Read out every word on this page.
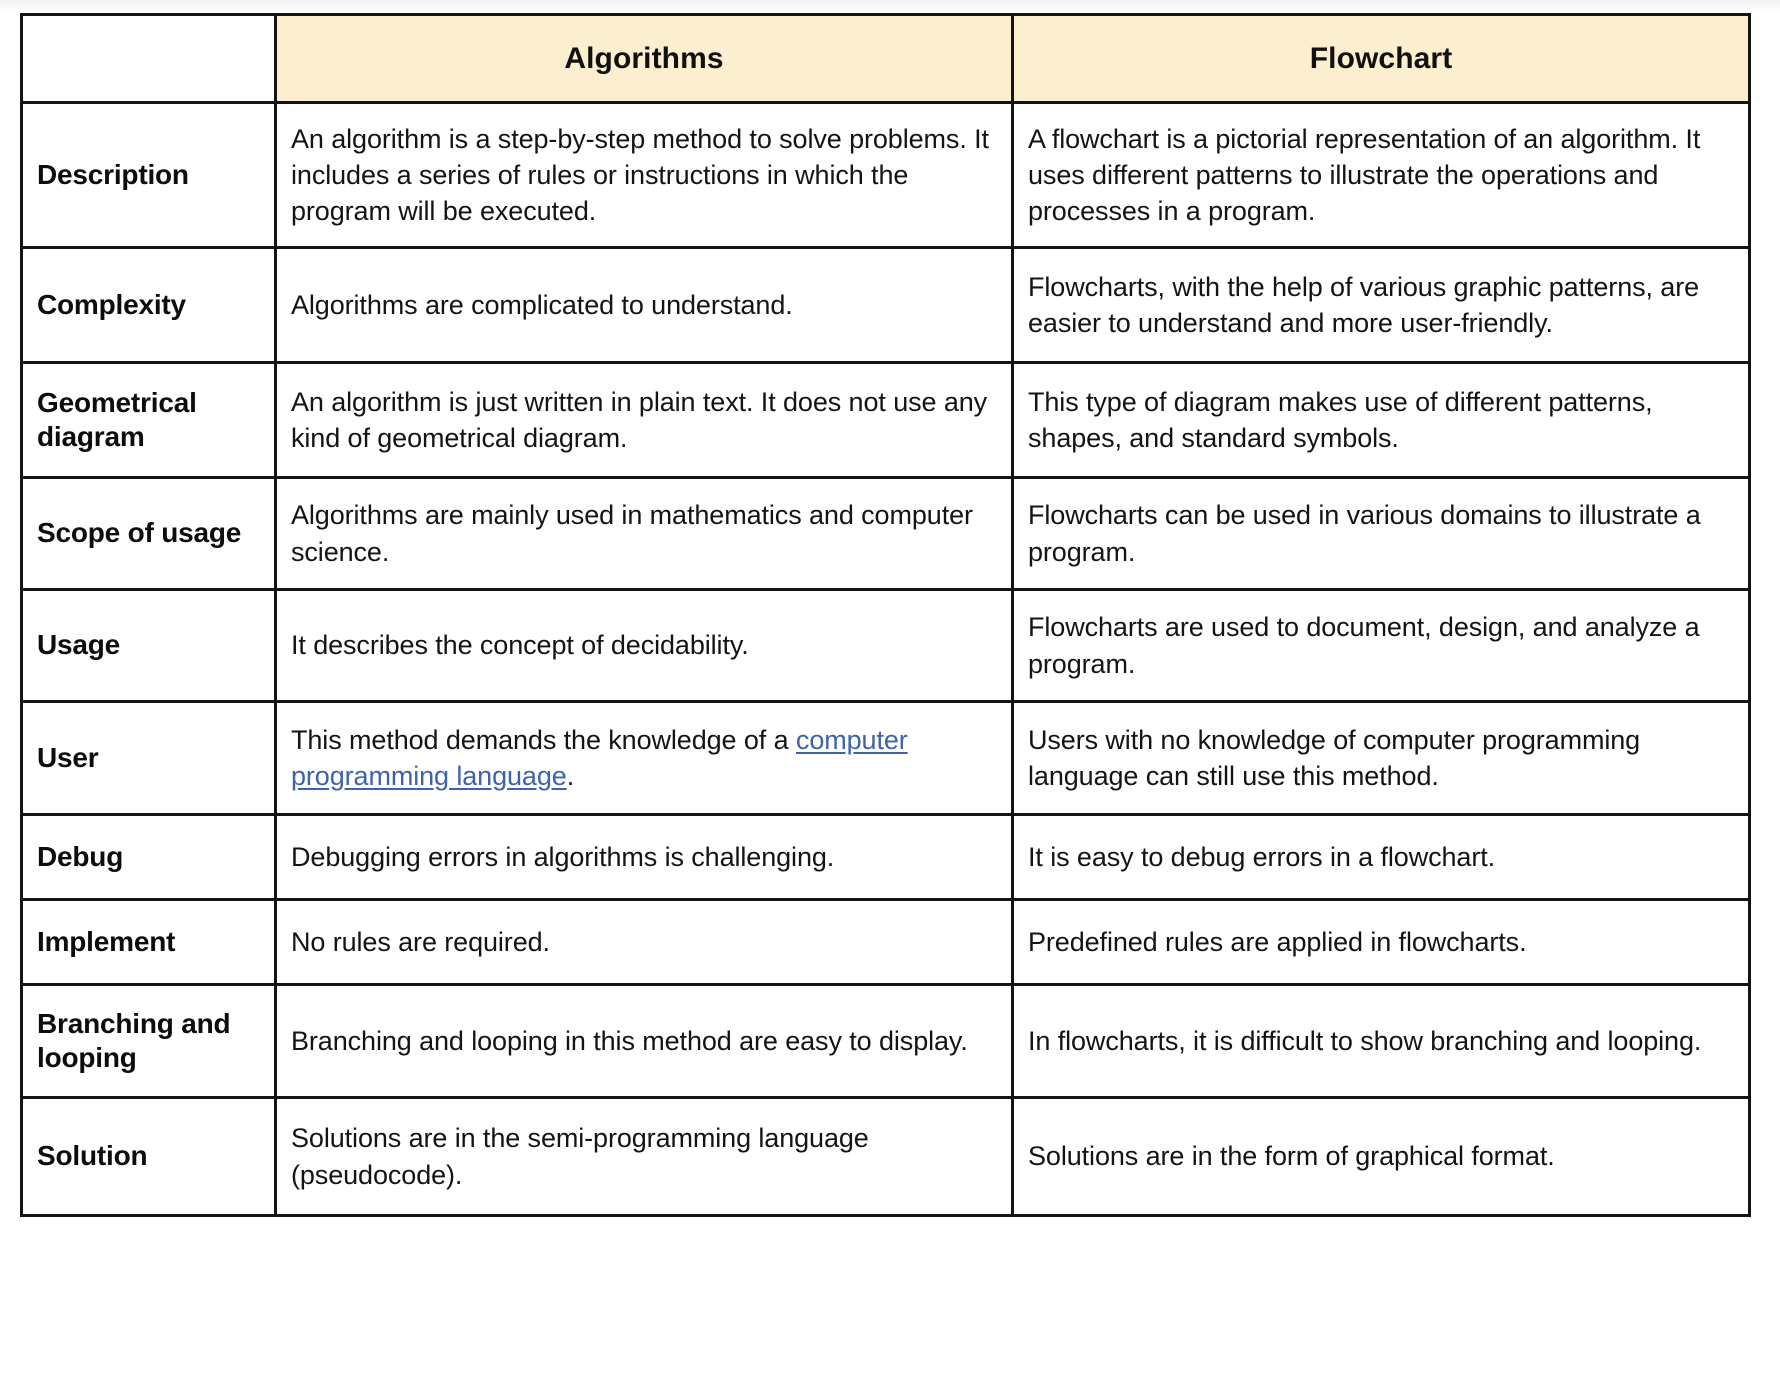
	Algorithms	Flowchart
Description	An algorithm is a step-by-step method to solve problems. It includes a series of rules or instructions in which the program will be executed.	A flowchart is a pictorial representation of an algorithm. It uses different patterns to illustrate the operations and processes in a program.
Complexity	Algorithms are complicated to understand.	Flowcharts, with the help of various graphic patterns, are easier to understand and more user-friendly.
Geometrical diagram	An algorithm is just written in plain text. It does not use any kind of geometrical diagram.	This type of diagram makes use of different patterns, shapes, and standard symbols.
Scope of usage	Algorithms are mainly used in mathematics and computer science.	Flowcharts can be used in various domains to illustrate a program.
Usage	It describes the concept of decidability.	Flowcharts are used to document, design, and analyze a program.
User	This method demands the knowledge of a computer programming language.	Users with no knowledge of computer programming language can still use this method.
Debug	Debugging errors in algorithms is challenging.	It is easy to debug errors in a flowchart.
Implement	No rules are required.	Predefined rules are applied in flowcharts.
Branching and looping	Branching and looping in this method are easy to display.	In flowcharts, it is difficult to show branching and looping.
Solution	Solutions are in the semi-programming language (pseudocode).	Solutions are in the form of graphical format.
